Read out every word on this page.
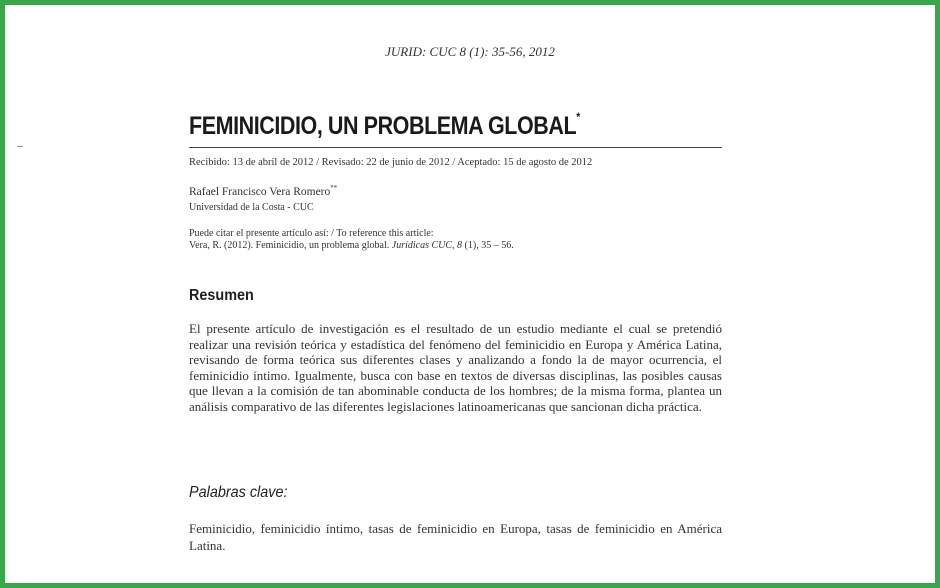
JURID: CUC 8 (1): 35-56, 2012
FEMINICIDIO, UN PROBLEMA GLOBAL*
Recibido: 13 de abril de 2012 / Revisado: 22 de junio de 2012 / Aceptado: 15 de agosto de 2012
Rafael Francisco Vera Romero**
Universidad de la Costa - CUC
Puede citar el presente artículo así: / To reference this article:
Vera, R. (2012). Feminicidio, un problema global. Jurídicas CUC, 8 (1), 35 – 56.
Resumen
El presente artículo de investigación es el resultado de un estudio mediante el cual se pretendió realizar una revisión teórica y estadística del fenómeno del feminicidio en Europa y América Latina, revisando de forma teórica sus diferentes clases y analizando a fondo la de mayor ocurrencia, el feminicidio íntimo. Igualmente, busca con base en textos de diversas disciplinas, las posibles causas que llevan a la comisión de tan abominable conducta de los hombres; de la misma forma, plantea un análisis comparativo de las diferentes legislaciones latinoamericanas que sancionan dicha práctica.
Palabras clave:
Feminicidio, feminicidio íntimo, tasas de feminicidio en Europa, tasas de feminicidio en América Latina.
